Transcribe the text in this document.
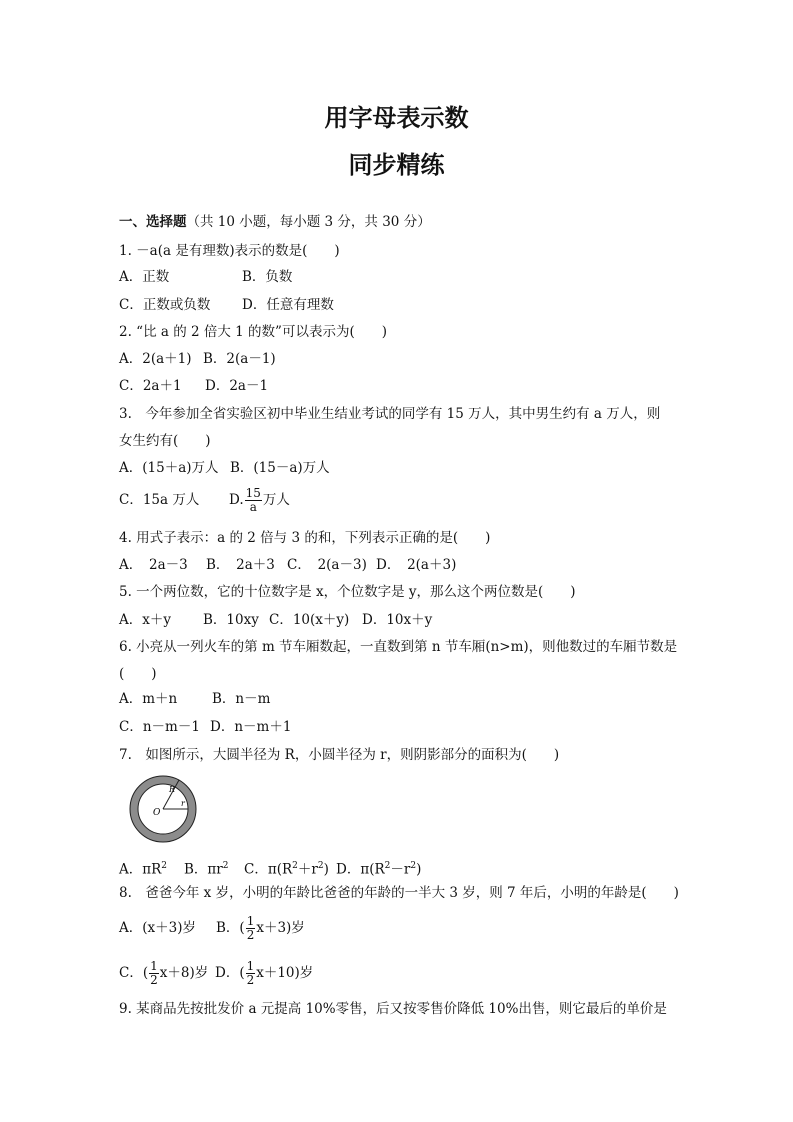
用字母表示数
同步精练
一、选择题（共 10 小题，每小题 3 分，共 30 分）
1. －a(a 是有理数)表示的数是(　　)
A．正数	B．负数
C．正数或负数 D．任意有理数
2. “比 a 的 2 倍大 1 的数”可以表示为(　　)
A．2(a＋1) B．2(a－1)
C．2a＋1 D．2a－1
3.　今年参加全省实验区初中毕业生结业考试的同学有 15 万人，其中男生约有 a 万人，则
女生约有(　　)
A．(15＋a)万人 B．(15－a)万人
C．15a 万人 D. $\frac{15}{a}$ 万人
4. 用式子表示：a 的 2 倍与 3 的和，下列表示正确的是(　　)
A．　2a－3 B．　2a＋3 C．　2(a－3) D．　2(a＋3)
5. 一个两位数，它的十位数字是 x，个位数字是 y，那么这个两位数是(　　)
A．x＋y B．10xy C．10(x＋y) D．10x＋y
6. 小亮从一列火车的第 m 节车厢数起，一直数到第 n 节车厢(n>m)，则他数过的车厢节数是
(　　)
A．m＋n	B．n－m
C．n－m－1 D．n－m＋1
7.　如图所示，大圆半径为 R，小圆半径为 r，则阴影部分的面积为(　　)
O
R
r
A．$\pi R^2$ B．$\pi r^2$ C．$\pi(R^2+r^2)$ D．$\pi(R^2-r^2)$
8.　爸爸今年 x 岁，小明的年龄比爸爸的年龄的一半大 3 岁，则 7 年后，小明的年龄是(　　)
A．(x＋3)岁 B．( $\frac{1}{2} x+3$)岁
C．( $\frac{1}{2} x+8$)岁 D．( $\frac{1}{2} x+10$)岁
9. 某商品先按批发价 a 元提高 10%零售，后又按零售价降低 10%出售，则它最后的单价是
